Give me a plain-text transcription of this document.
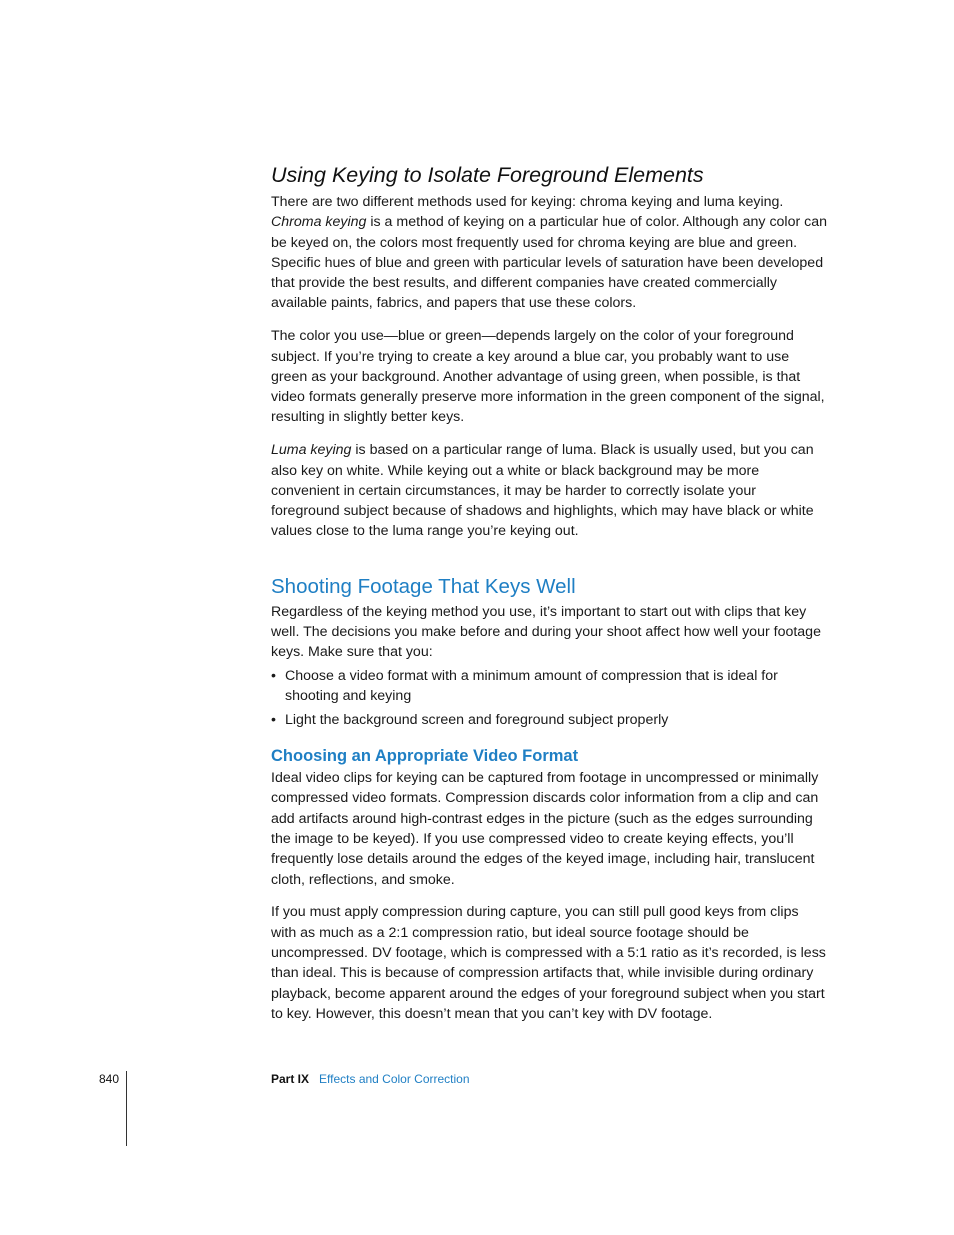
Using Keying to Isolate Foreground Elements

There are two different methods used for keying: chroma keying and luma keying. Chroma keying is a method of keying on a particular hue of color. Although any color can be keyed on, the colors most frequently used for chroma keying are blue and green. Specific hues of blue and green with particular levels of saturation have been developed that provide the best results, and different companies have created commercially available paints, fabrics, and papers that use these colors.

The color you use—blue or green—depends largely on the color of your foreground subject. If you’re trying to create a key around a blue car, you probably want to use green as your background. Another advantage of using green, when possible, is that video formats generally preserve more information in the green component of the signal, resulting in slightly better keys.

Luma keying is based on a particular range of luma. Black is usually used, but you can also key on white. While keying out a white or black background may be more convenient in certain circumstances, it may be harder to correctly isolate your foreground subject because of shadows and highlights, which may have black or white values close to the luma range you’re keying out.

Shooting Footage That Keys Well

Regardless of the keying method you use, it’s important to start out with clips that key well. The decisions you make before and during your shoot affect how well your footage keys. Make sure that you:

• Choose a video format with a minimum amount of compression that is ideal for shooting and keying
• Light the background screen and foreground subject properly
Choosing an Appropriate Video Format

Ideal video clips for keying can be captured from footage in uncompressed or minimally compressed video formats. Compression discards color information from a clip and can add artifacts around high-contrast edges in the picture (such as the edges surrounding the image to be keyed). If you use compressed video to create keying effects, you’ll frequently lose details around the edges of the keyed image, including hair, translucent cloth, reflections, and smoke.

If you must apply compression during capture, you can still pull good keys from clips with as much as a 2:1 compression ratio, but ideal source footage should be uncompressed. DV footage, which is compressed with a 5:1 ratio as it’s recorded, is less than ideal. This is because of compression artifacts that, while invisible during ordinary playback, become apparent around the edges of your foreground subject when you start to key. However, this doesn’t mean that you can’t key with DV footage.

840	Part IX Effects and Color Correction
